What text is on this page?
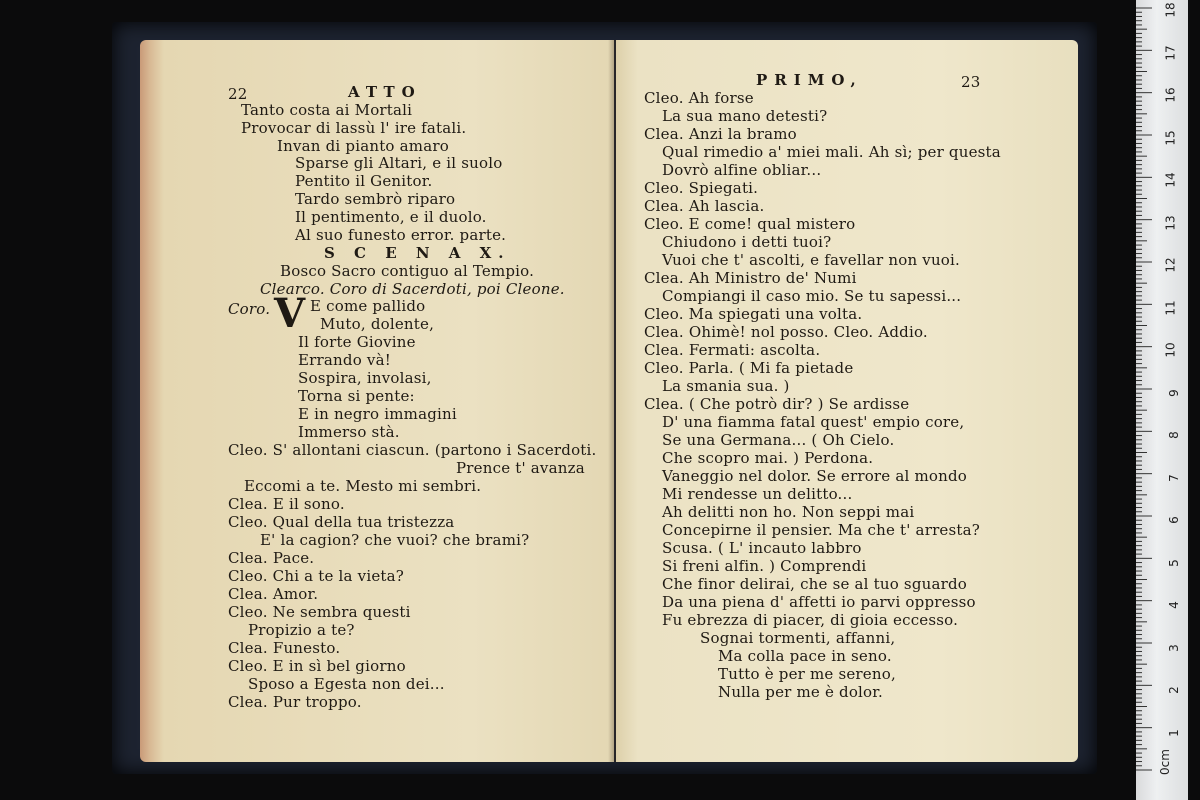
22	ATTO
Tanto costa ai Mortali
Provocar di lassù l' ire fatali.
Invan di pianto amaro
Sparse gli Altari, e il suolo
Pentito il Genitor.
Tardo sembrò riparo
Il pentimento, e il duolo.
Al suo funesto error. parte.
S C E N A X.
Bosco Sacro contiguo al Tempio.
Clearco. Coro di Sacerdoti, poi Cleone.
Coro.	E come pallido
Muto, dolente,
Il forte Giovine
Errando và!
Sospira, involasi,
Torna si pente:
E in negro immagini
Immerso stà.
Cleo. S' allontani ciascun. (partono i Sacerdoti.
Prence t' avanza
Eccomi a te. Mesto mi sembri.
Clea. E il sono.
Cleo. Qual della tua tristezza
E' la cagion? che vuoi? che brami?
Clea. Pace.
Cleo. Chi a te la vieta?
Clea. Amor.
Cleo. Ne sembra questi
Propizio a te?
Clea. Funesto.
Cleo. E in sì bel giorno
Sposo a Egesta non dei...
Clea. Pur troppo.
V
PRIMO,	23
Cleo. Ah forse
La sua mano detesti?
Clea. Anzi la bramo
Qual rimedio a' miei mali. Ah sì; per questa
Dovrò alfine obliar...
Cleo. Spiegati.
Clea. Ah lascia.
Cleo. E come! qual mistero
Chiudono i detti tuoi?
Vuoi che t' ascolti, e favellar non vuoi.
Clea. Ah Ministro de' Numi
Compiangi il caso mio. Se tu sapessi...
Cleo. Ma spiegati una volta.
Clea. Ohimè! nol posso. Cleo. Addio.
Clea. Fermati: ascolta.
Cleo. Parla. ( Mi fa pietade
La smania sua. )
Clea. ( Che potrò dir? ) Se ardisse
D' una fiamma fatal quest' empio core,
Se una Germana... ( Oh Cielo.
Che scopro mai. ) Perdona.
Vaneggio nel dolor. Se errore al mondo
Mi rendesse un delitto...
Ah delitti non ho. Non seppi mai
Concepirne il pensier. Ma che t' arresta?
Scusa. ( L' incauto labbro
Si freni alfin. ) Comprendi
Che finor delirai, che se al tuo sguardo
Da una piena d' affetti io parvi oppresso
Fu ebrezza di piacer, di gioia eccesso.
Sognai tormenti, affanni,
Ma colla pace in seno.
Tutto è per me sereno,
Nulla per me è dolor.
0cm
1
2
3
4
5
6
7
8
9
10
11
12
13
14
15
16
17
18
